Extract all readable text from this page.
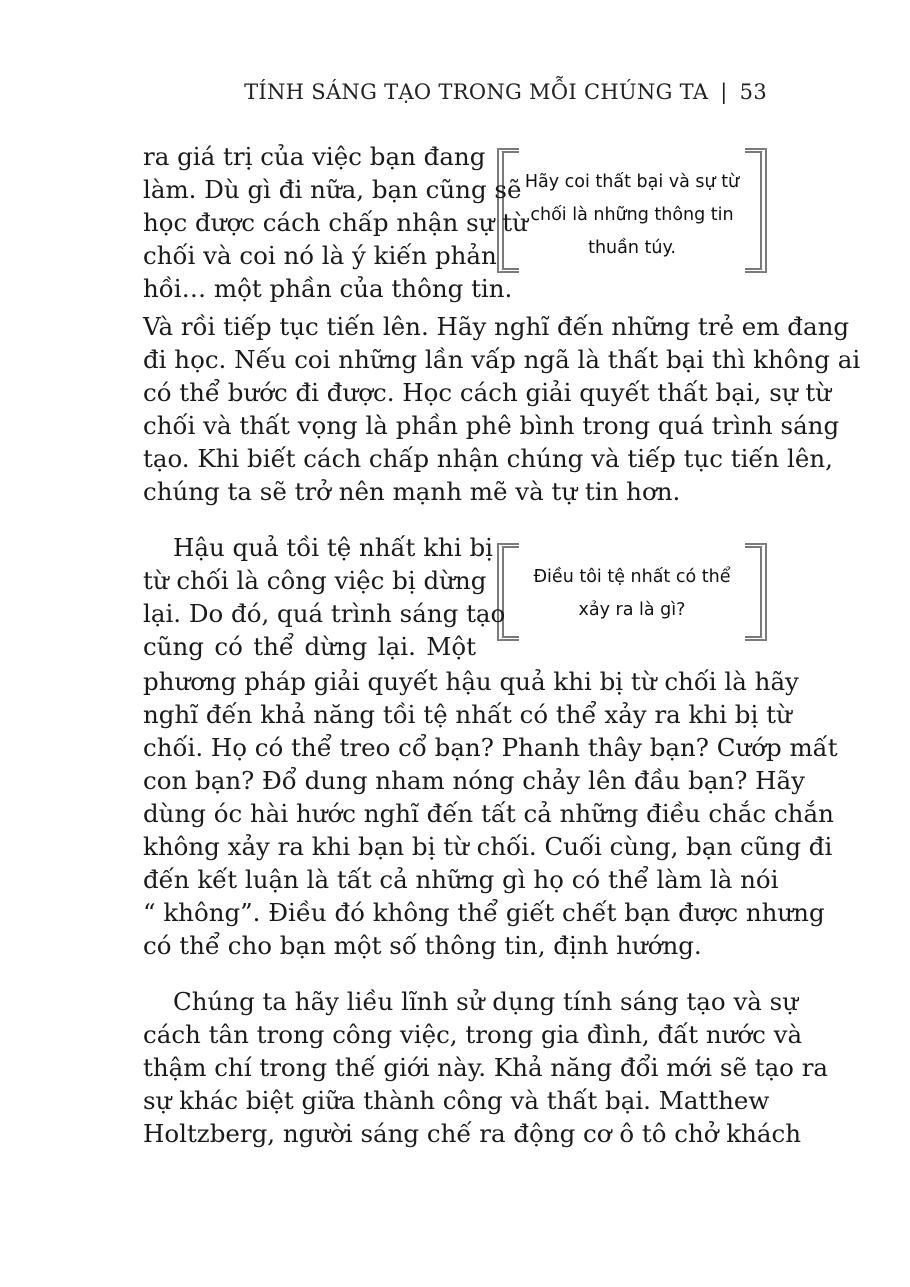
TÍNH SÁNG TẠO TRONG MỖI CHÚNG TA | 53
Hãy coi thất bại và sự từ
chối là những thông tin
thuần túy.
Điều tôi tệ nhất có thể
xảy ra là gì?
ra giá trị của việc bạn đang
làm. Dù gì đi nữa, bạn cũng sẽ
học được cách chấp nhận sự từ
chối và coi nó là ý kiến phản
hồi… một phần của thông tin.
Và rồi tiếp tục tiến lên. Hãy nghĩ đến những trẻ em đang
đi học. Nếu coi những lần vấp ngã là thất bại thì không ai
có thể bước đi được. Học cách giải quyết thất bại, sự từ
chối và thất vọng là phần phê bình trong quá trình sáng
tạo. Khi biết cách chấp nhận chúng và tiếp tục tiến lên,
chúng ta sẽ trở nên mạnh mẽ và tự tin hơn.
Hậu quả tồi tệ nhất khi bị
từ chối là công việc bị dừng
lại. Do đó, quá trình sáng tạo
cũng có thể dừng lại. Một
phương pháp giải quyết hậu quả khi bị từ chối là hãy
nghĩ đến khả năng tồi tệ nhất có thể xảy ra khi bị từ
chối. Họ có thể treo cổ bạn? Phanh thây bạn? Cướp mất
con bạn? Đổ dung nham nóng chảy lên đầu bạn? Hãy
dùng óc hài hước nghĩ đến tất cả những điều chắc chắn
không xảy ra khi bạn bị từ chối. Cuối cùng, bạn cũng đi
đến kết luận là tất cả những gì họ có thể làm là nói
“ không”. Điều đó không thể giết chết bạn được nhưng
có thể cho bạn một số thông tin, định hướng.
Chúng ta hãy liều lĩnh sử dụng tính sáng tạo và sự
cách tân trong công việc, trong gia đình, đất nước và
thậm chí trong thế giới này. Khả năng đổi mới sẽ tạo ra
sự khác biệt giữa thành công và thất bại. Matthew
Holtzberg, người sáng chế ra động cơ ô tô chở khách
